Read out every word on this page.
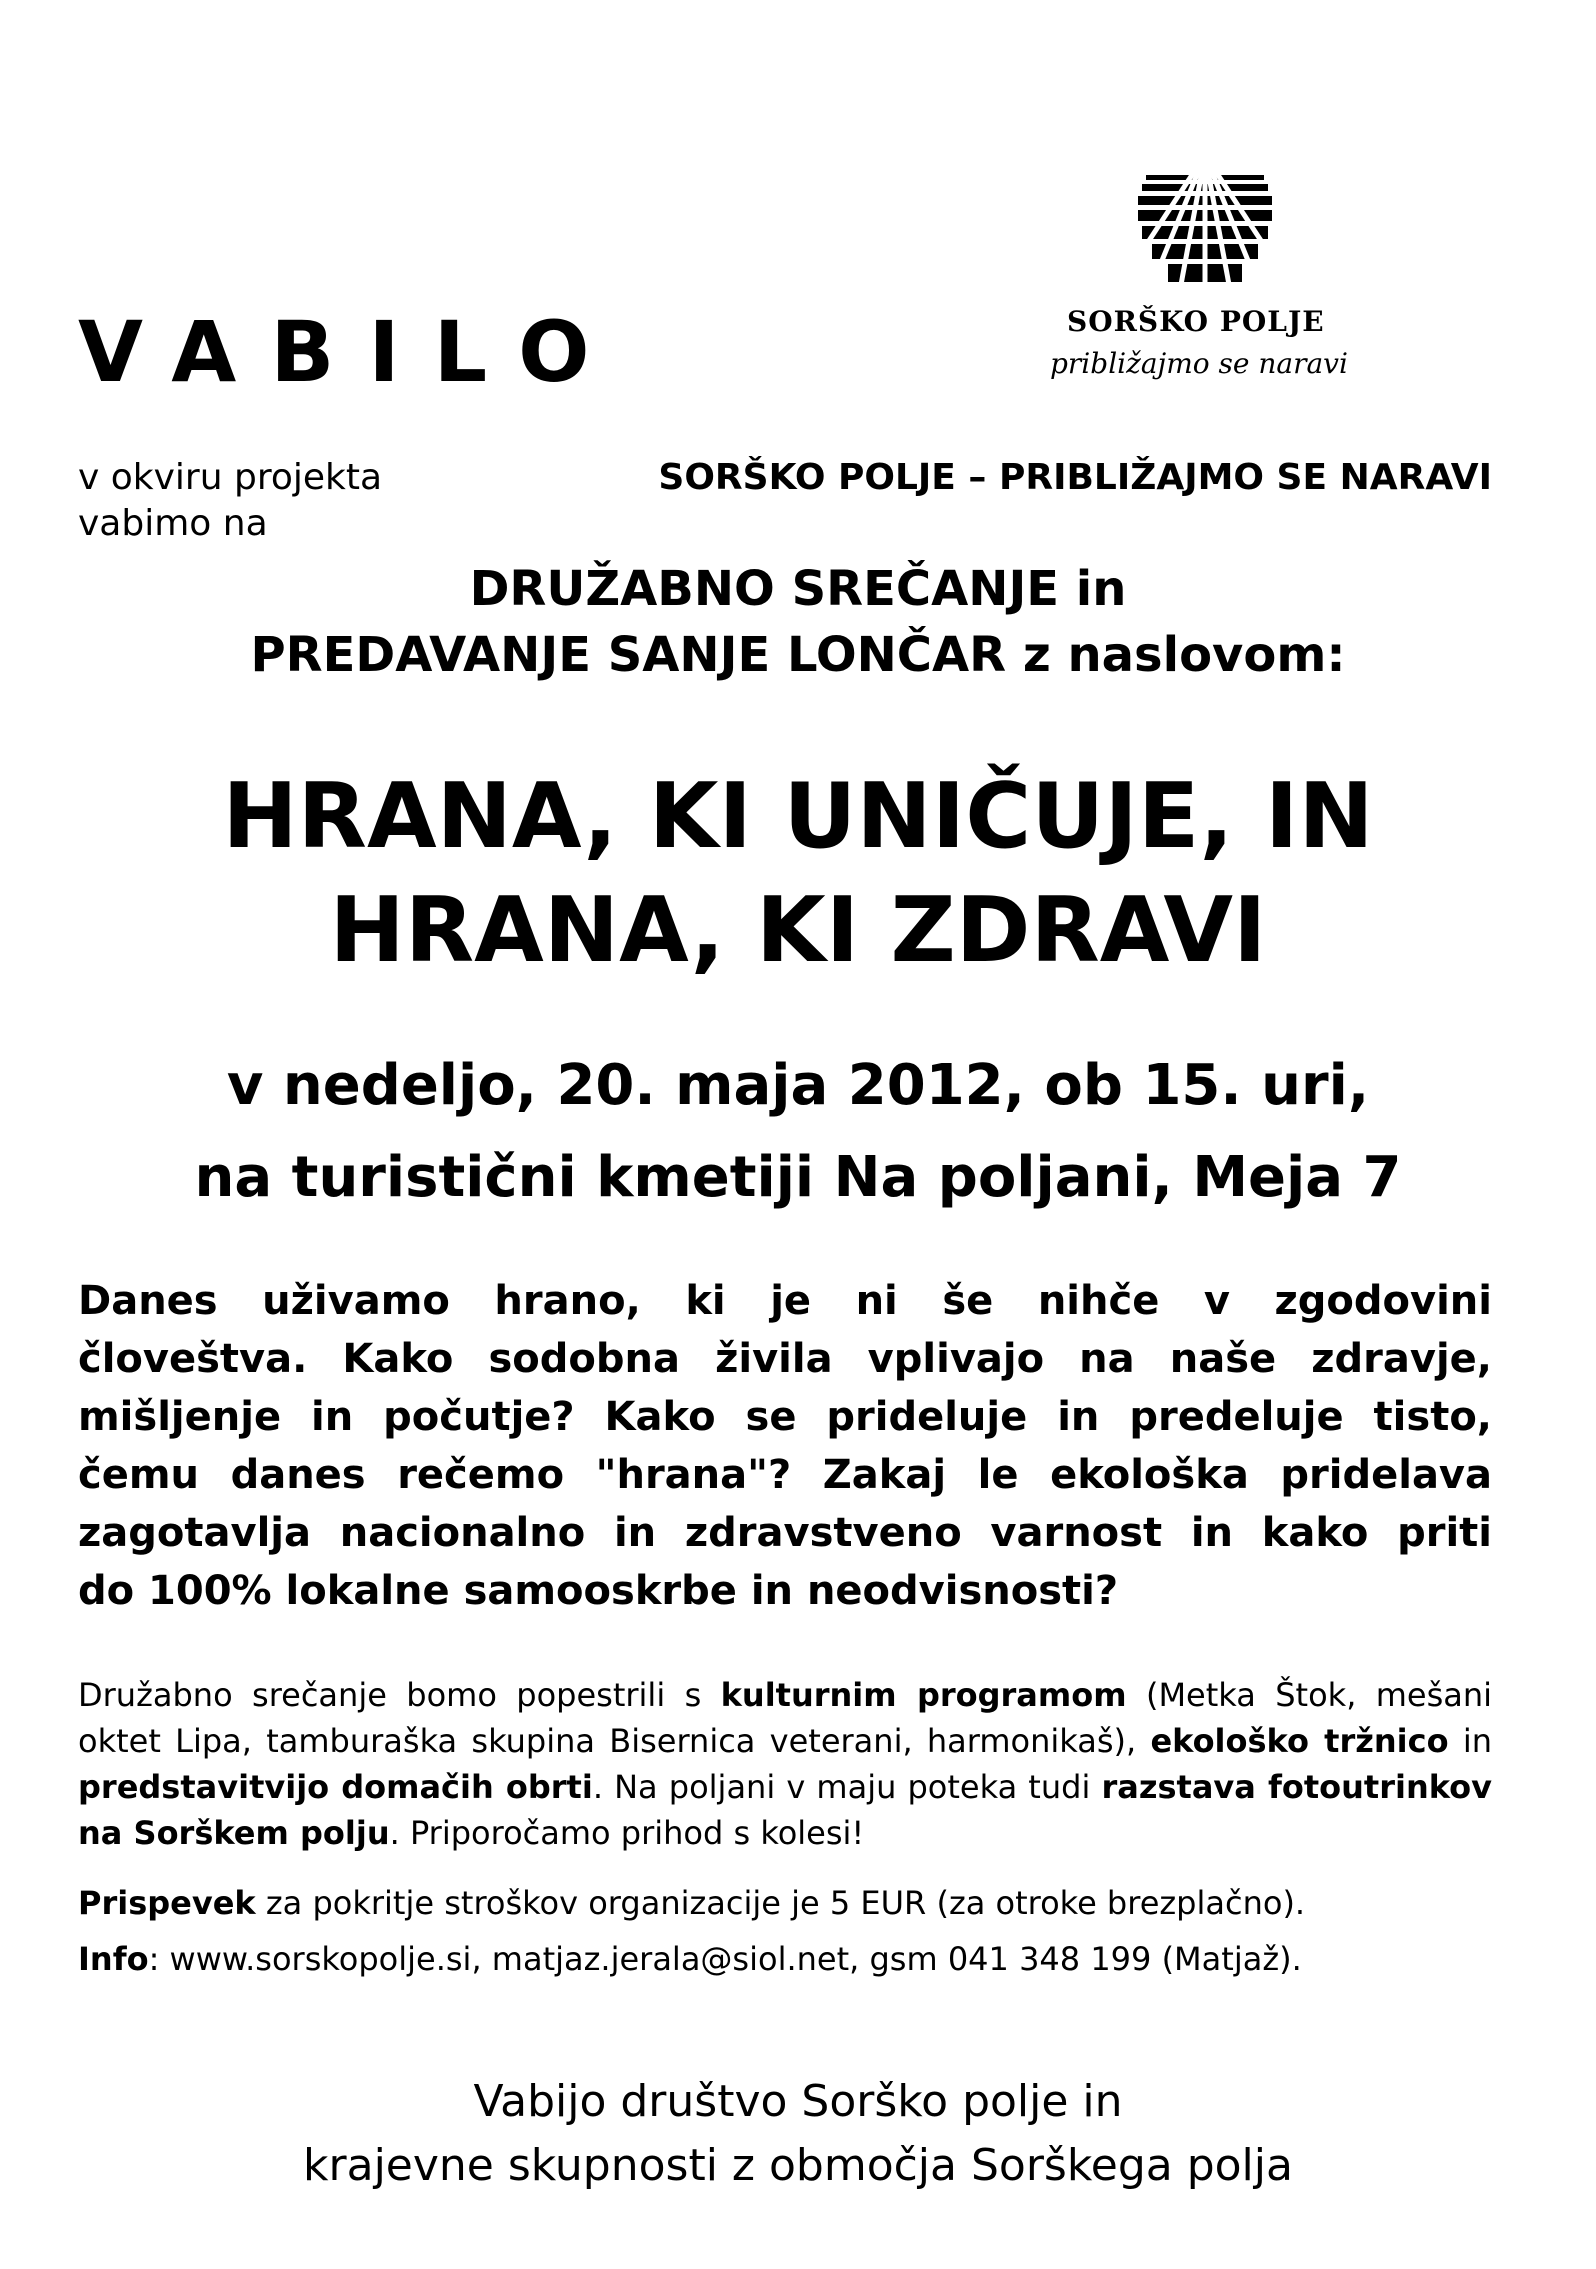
SORŠKO POLJE
približajmo se naravi
VABILO
v okviru projekta	SORŠKO POLJE – PRIBLIŽAJMO SE NARAVI
vabimo na
DRUŽABNO SREČANJE in
PREDAVANJE SANJE LONČAR z naslovom:
HRANA, KI UNIČUJE, IN
HRANA, KI ZDRAVI
v nedeljo, 20. maja 2012, ob 15. uri,
na turistični kmetiji Na poljani, Meja 7
Danes uživamo hrano, ki je ni še nihče v zgodovini
človeštva. Kako sodobna živila vplivajo na naše zdravje,
mišljenje in počutje? Kako se prideluje in predeluje tisto,
čemu danes rečemo "hrana"? Zakaj le ekološka pridelava
zagotavlja nacionalno in zdravstveno varnost in kako priti
do 100% lokalne samooskrbe in neodvisnosti?
Družabno srečanje bomo popestrili s kulturnim programom (Metka Štok, mešani oktet Lipa, tamburaška skupina Bisernica veterani, harmonikaš), ekološko tržnico in predstavitvijo domačih obrti. Na poljani v maju poteka tudi razstava fotoutrinkov na Sorškem polju. Priporočamo prihod s kolesi!
Prispevek za pokritje stroškov organizacije je 5 EUR (za otroke brezplačno).
Info: www.sorskopolje.si, matjaz.jerala@siol.net, gsm 041 348 199 (Matjaž).
Vabijo društvo Sorško polje in
krajevne skupnosti z območja Sorškega polja
